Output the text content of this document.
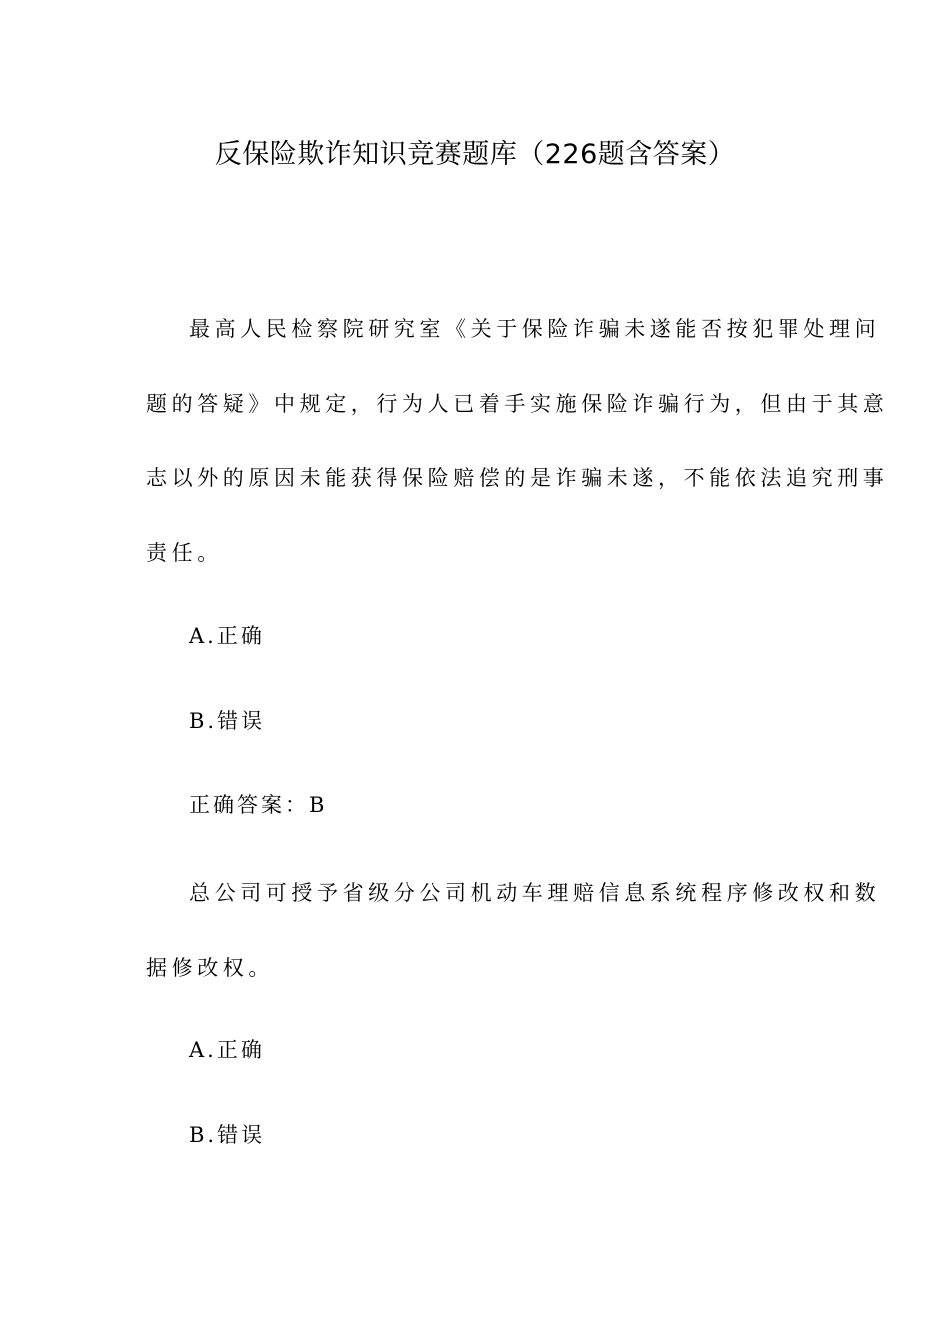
反保险欺诈知识竞赛题库（226题含答案）
最高人民检察院研究室《关于保险诈骗未遂能否按犯罪处理问
题的答疑》中规定，行为人已着手实施保险诈骗行为，但由于其意
志以外的原因未能获得保险赔偿的是诈骗未遂，不能依法追究刑事
责任。
A.正确
B.错误
正确答案：B
总公司可授予省级分公司机动车理赔信息系统程序修改权和数
据修改权。
A.正确
B.错误
